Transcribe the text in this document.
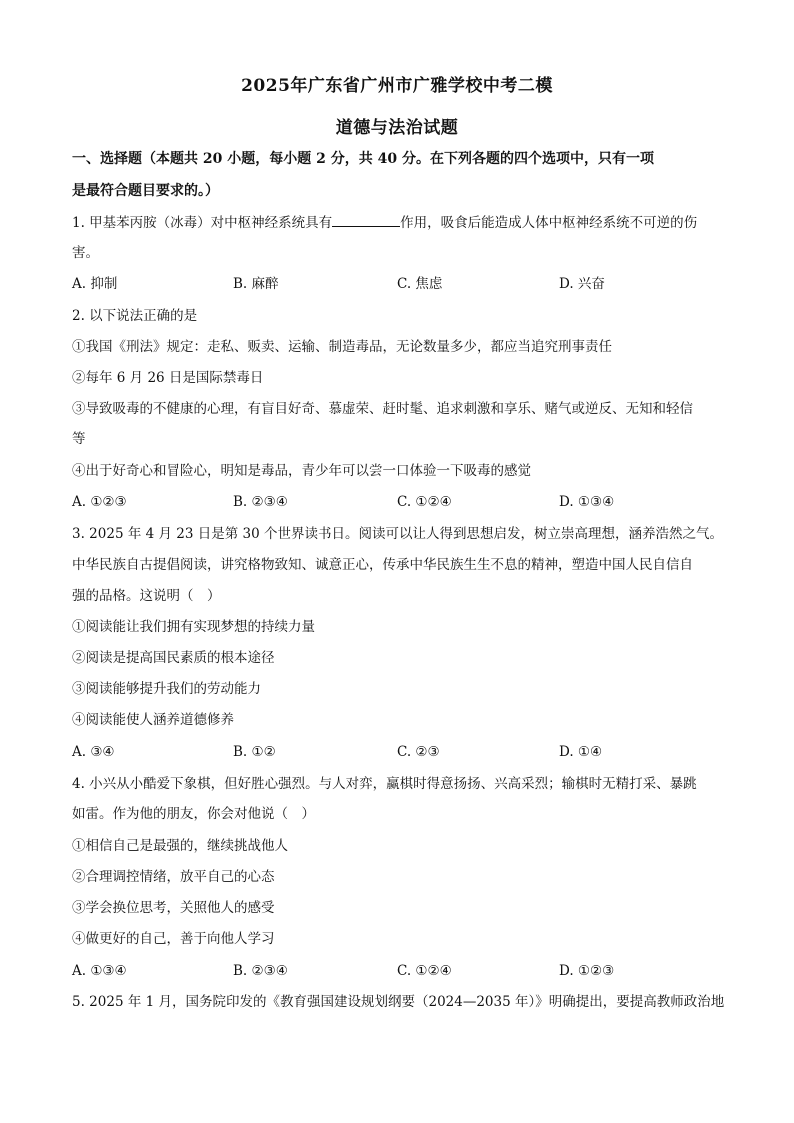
2025年广东省广州市广雅学校中考二模
道德与法治试题
一、选择题（本题共 20 小题，每小题 2 分，共 40 分。在下列各题的四个选项中，只有一项
是最符合题目要求的。）
1. 甲基苯丙胺（冰毒）对中枢神经系统具有	作用，吸食后能造成人体中枢神经系统不可逆的伤
害。
A. 抑制	B. 麻醉	C. 焦虑	D. 兴奋
2. 以下说法正确的是
①我国《刑法》规定：走私、贩卖、运输、制造毒品，无论数量多少，都应当追究刑事责任
②每年 6 月 26 日是国际禁毒日
③导致吸毒的不健康的心理，有盲目好奇、慕虚荣、赶时髦、追求刺激和享乐、赌气或逆反、无知和轻信
等
④出于好奇心和冒险心，明知是毒品，青少年可以尝一口体验一下吸毒的感觉
A. ①②③	B. ②③④	C. ①②④	D. ①③④
3. 2025 年 4 月 23 日是第 30 个世界读书日。阅读可以让人得到思想启发，树立崇高理想，涵养浩然之气。
中华民族自古提倡阅读，讲究格物致知、诚意正心，传承中华民族生生不息的精神，塑造中国人民自信自
强的品格。这说明（　）
①阅读能让我们拥有实现梦想的持续力量
②阅读是提高国民素质的根本途径
③阅读能够提升我们的劳动能力
④阅读能使人涵养道德修养
A. ③④	B. ①②	C. ②③	D. ①④
4. 小兴从小酷爱下象棋，但好胜心强烈。与人对弈，赢棋时得意扬扬、兴高采烈；输棋时无精打采、暴跳
如雷。作为他的朋友，你会对他说（　）
①相信自己是最强的，继续挑战他人
②合理调控情绪，放平自己的心态
③学会换位思考，关照他人的感受
④做更好的自己，善于向他人学习
A. ①③④	B. ②③④	C. ①②④	D. ①②③
5. 2025 年 1 月，国务院印发的《教育强国建设规划纲要（2024—2035 年）》明确提出，要提高教师政治地
